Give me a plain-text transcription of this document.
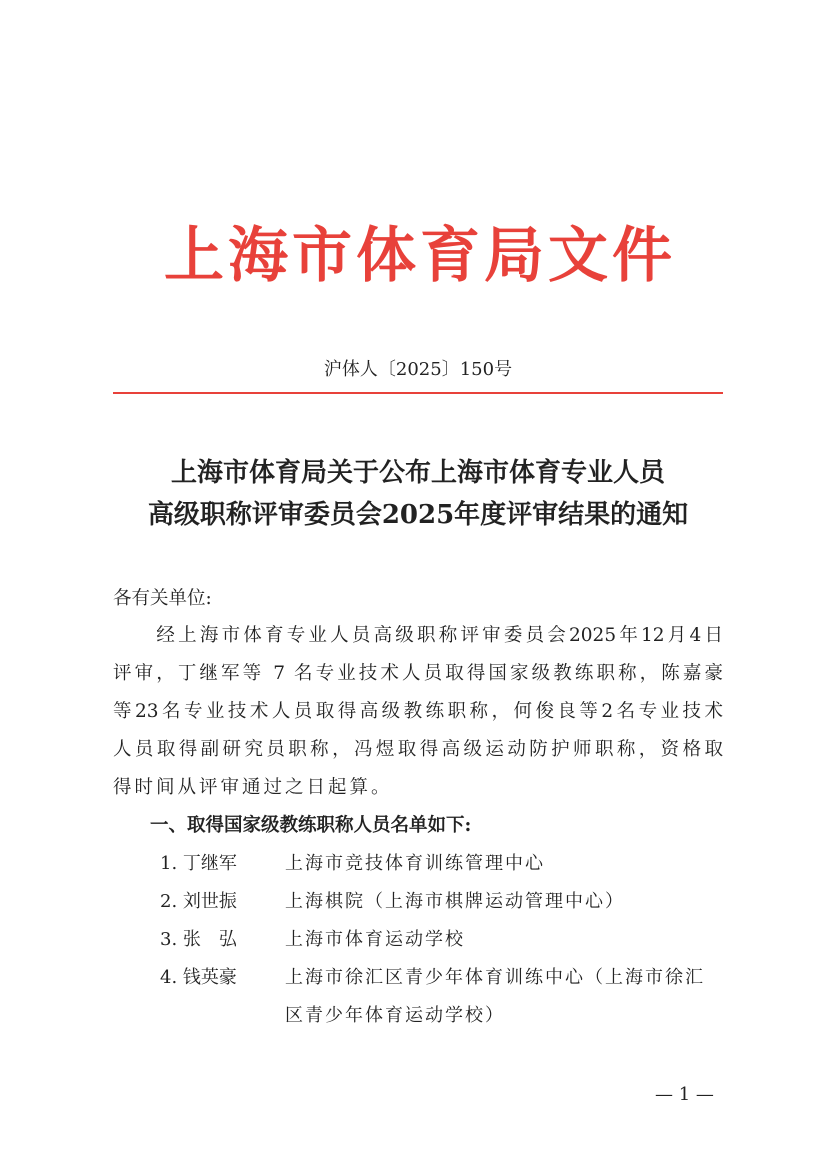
上海市体育局文件
沪体人〔2025〕150号
上海市体育局关于公布上海市体育专业人员
高级职称评审委员会2025年度评审结果的通知
各有关单位:
　　经上海市体育专业人员高级职称评审委员会2025年12月4日
评审，丁继军等 7 名专业技术人员取得国家级教练职称，陈嘉豪
等23名专业技术人员取得高级教练职称，何俊良等2名专业技术
人员取得副研究员职称，冯煜取得高级运动防护师职称，资格取
得时间从评审通过之日起算。
一、取得国家级教练职称人员名单如下:
1. 丁继军	上海市竞技体育训练管理中心
2. 刘世振	上海棋院（上海市棋牌运动管理中心）
3. 张　弘	上海市体育运动学校
4. 钱英豪	上海市徐汇区青少年体育训练中心（上海市徐汇
区青少年体育运动学校）
— 1 —
